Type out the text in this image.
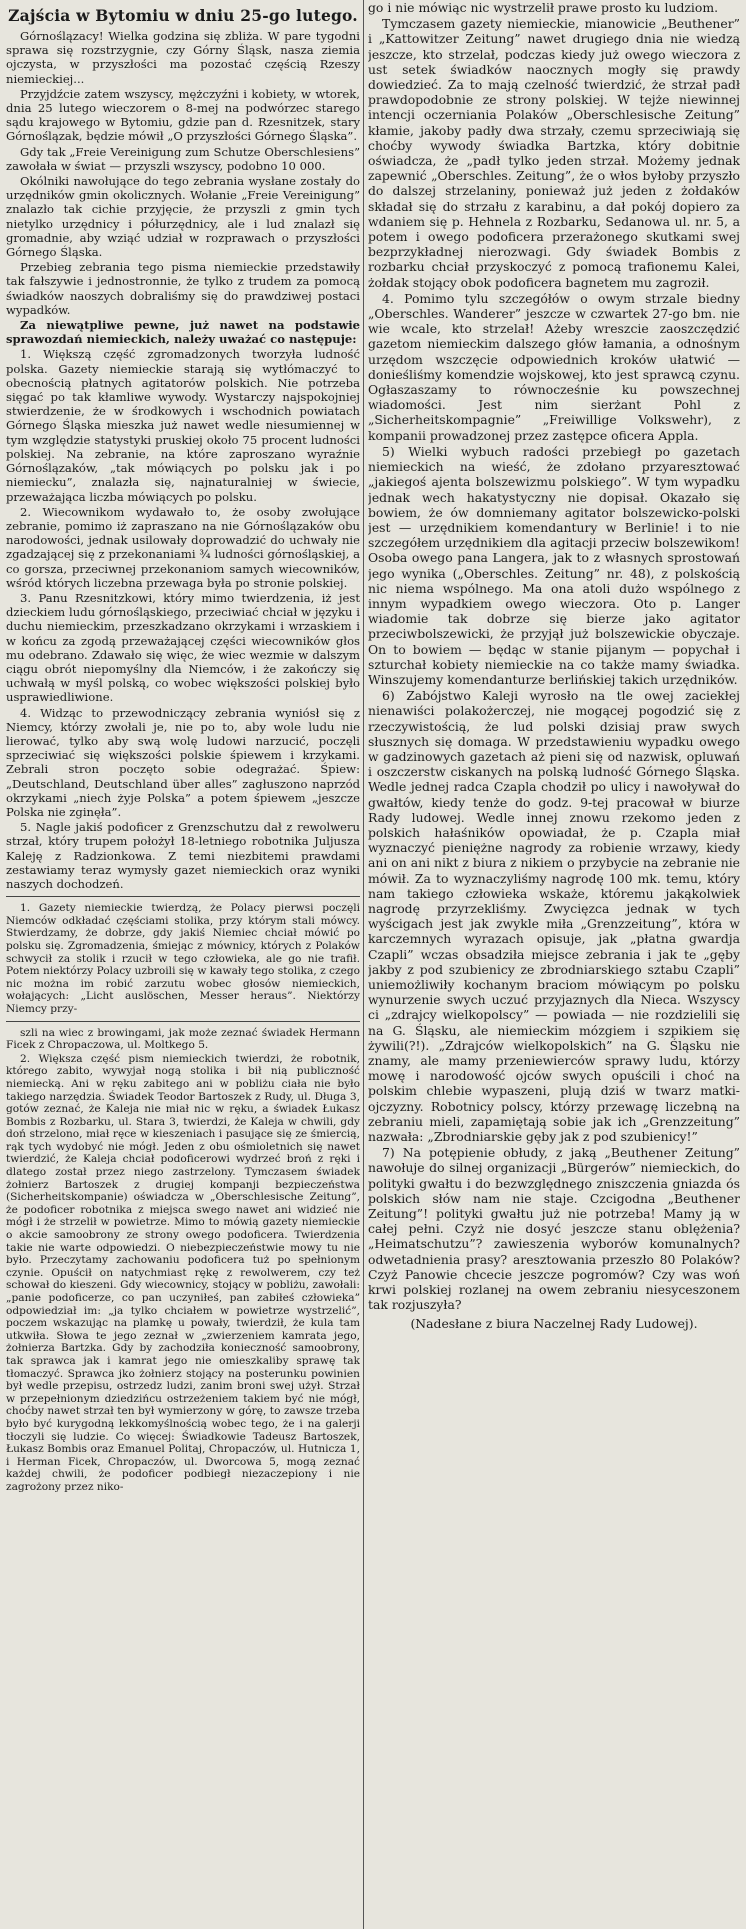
Zajścia w Bytomiu w dniu 25-go lutego.

Górnoślązacy! Wielka godzina się zbliża. W pare tygodni sprawa się rozstrzygnie, czy Górny Śląsk, nasza ziemia ojczysta, w przyszłości ma pozostać częścią Rzeszy niemieckiej...

Przyjdźcie zatem wszyscy, mężczyźni i kobiety, w wtorek, dnia 25 lutego wieczorem o 8-mej na podwórzec starego sądu krajowego w Bytomiu, gdzie pan d. Rzesnitzek, stary Górnoślązak, będzie mówił „O przyszłości Górnego Śląska”.

Gdy tak „Freie Vereinigung zum Schutze Oberschlesiens” zawołała w świat — przyszli wszyscy, podobno 10 000.

Okólniki nawołujące do tego zebrania wysłane zostały do urzędników gmin okolicznych. Wołanie „Freie Vereinigung” znalazło tak cichie przyjęcie, że przyszli z gmin tych nietylko urzędnicy i półurzędnicy, ale i lud znalazł się gromadnie, aby wziąć udział w rozprawach o przyszłości Górnego Śląska.

Przebieg zebrania tego pisma niemieckie przedstawiły tak fałszywie i jednostronnie, że tylko z trudem za pomocą świadków naoszych dobraliśmy się do prawdziwej postaci wypadków.

Za niewątpliwe pewne, już nawet na podstawie sprawozdań niemieckich, należy uważać co następuje:

1. Większą część zgromadzonych tworzyła ludność polska. Gazety niemieckie starają się wytłómaczyć to obecnością płatnych agitatorów polskich. Nie potrzeba sięgać po tak kłamliwe wywody. Wystarczy najspokojniej stwierdzenie, że w środkowych i wschodnich powiatach Górnego Śląska mieszka już nawet wedle niesumiennej w tym względzie statystyki pruskiej około 75 procent ludności polskiej. Na zebranie, na które zaproszano wyraźnie Górnoślązaków, „tak mówiących po polsku jak i po niemiecku”, znalazła się, najnaturalniej w świecie, przeważająca liczba mówiących po polsku.

2. Wiecownikom wydawało to, że osoby zwołujące zebranie, pomimo iż zapraszano na nie Górnoślązaków obu narodowości, jednak usilowały doprowadzić do uchwały nie zgadzającej się z przekonaniami ¾ ludności górnośląskiej, a co gorsza, przeciwnej przekonaniom samych wiecowników, wśród których liczebna przewaga była po stronie polskiej.

3. Panu Rzesnitzkowi, który mimo twierdzenia, iż jest dzieckiem ludu górnośląskiego, przeciwiać chciał w języku i duchu niemieckim, przeszkadzano okrzykami i wrzaskiem i w końcu za zgodą przeważającej części wiecowników głos mu odebrano. Zdawało się więc, że wiec wezmie w dalszym ciągu obrót niepomyślny dla Niemców, i że zakończy się uchwałą w myśl polską, co wobec większości polskiej było usprawiedliwione.

4. Widząc to przewodniczący zebrania wyniósł się z Niemcy, którzy zwołali je, nie po to, aby wole ludu nie lierować, tylko aby swą wolę ludowi narzucić, poczęli sprzeciwiać się większości polskie śpiewem i krzykami. Zebrali stron poczęto sobie odegrażać. Śpiew: „Deutschland, Deutschland über alles” zagłuszono naprzód okrzykami „niech żyje Polska” a potem śpiewem „jeszcze Polska nie zginęła”.

5. Nagle jakiś podoficer z Grenzschutzu dał z rewolweru strzał, który trupem położył 18-letniego robotnika Juljusza Kaleję z Radzionkowa. Z temi niezbitemi prawdami zestawiamy teraz wymysły gazet niemieckich oraz wyniki naszych dochodzeń.

1. Gazety niemieckie twierdzą, że Polacy pierwsi poczęli Niemców odkładać częściami stolika, przy którym stali mówcy. Stwierdzamy, że dobrze, gdy jakiś Niemiec chciał mówić po polsku się. Zgromadzenia, śmiejąc z mównicy, których z Polaków schwycił za stolik i rzucił w tego człowieka, ale go nie trafił. Potem niektórzy Polacy uzbroili się w kawały tego stolika, z czego nic można im robić zarzutu wobec głosów niemieckich, wołających: „Licht auslöschen, Messer heraus”. Niektórzy Niemcy przy-

szli na wiec z browingami, jak może zeznać świadek Hermann Ficek z Chropaczowa, ul. Moltkego 5.

2. Większa część pism niemieckich twierdzi, że robotnik, którego zabito, wywyjał nogą stolika i bił nią publiczność niemiecką. Ani w ręku zabitego ani w pobliżu ciała nie było takiego narzędzia. Świadek Teodor Bartoszek z Rudy, ul. Długa 3, gotów zeznać, że Kaleja nie miał nic w ręku, a świadek Łukasz Bombis z Rozbarku, ul. Stara 3, twierdzi, że Kaleja w chwili, gdy doń strzelono, miał ręce w kieszeniach i pasujące się ze śmiercią, rąk tych wydobyć nie mógł. Jeden z obu ośmioletnich się nawet twierdzić, że Kaleja chciał podoficerowi wydrzeć broń z ręki i dlatego został przez niego zastrzelony. Tymczasem świadek żołnierz Bartoszek z drugiej kompanji bezpieczeństwa (Sicherheitskompanie) oświadcza w „Oberschlesische Zeitung”, że podoficer robotnika z miejsca swego nawet ani widzieć nie mógł i że strzelił w powietrze. Mimo to mówią gazety niemieckie o akcie samoobrony ze strony owego podoficera. Twierdzenia takie nie warte odpowiedzi. O niebezpieczeństwie mowy tu nie było. Przeczytamy zachowaniu podoficera tuż po spełnionym czynie. Opuścił on natychmiast rękę z rewolwerem, czy też schował do kieszeni. Gdy wiecownicy, stojący w pobliżu, zawołali: „panie podoficerze, co pan uczyniłeś, pan zabiłeś człowieka” odpowiedział im: „ja tylko chciałem w powietrze wystrzelić”, poczem wskazując na plamkę u powały, twierdził, że kula tam utkwiła. Słowa te jego zeznał w „zwierzeniem kamrata jego, żołnierza Bartzka. Gdy by zachodziła konieczność samoobrony, tak sprawca jak i kamrat jego nie omieszkaliby sprawę tak tłomaczyć. Sprawca jko żołnierz stojący na posterunku powinien był wedle przepisu, ostrzedz ludzi, zanim broni swej użył. Strzał w przepełnionym dziedzińcu ostrzeżeniem takiem być nie mógł, choćby nawet strzał ten był wymierzony w górę, to zawsze trzeba było być kurygodną lekkomyślnością wobec tego, że i na galerji tłoczyli się ludzie. Co więcej: Świadkowie Tadeusz Bartoszek, Łukasz Bombis oraz Emanuel Politaj, Chropaczów, ul. Hutnicza 1, i Herman Ficek, Chropaczów, ul. Dworcowa 5, mogą zeznać każdej chwili, że podoficer podbiegł niezaczepiony i nie zagrożony przez niko-

go i nie mówiąc nic wystrzelił prawe prosto ku ludziom.

Tymczasem gazety niemieckie, mianowicie „Beuthener” i „Kattowitzer Zeitung” nawet drugiego dnia nie wiedzą jeszcze, kto strzelał, podczas kiedy już owego wieczora z ust setek świadków naocznych mogły się prawdy dowiedzieć. Za to mają czelność twierdzić, że strzał padł prawdopodobnie ze strony polskiej. W tejże niewinnej intencji oczerniania Polaków „Oberschlesische Zeitung” kłamie, jakoby padły dwa strzały, czemu sprzeciwiają się choćby wywody świadka Bartzka, który dobitnie oświadcza, że „padł tylko jeden strzał. Możemy jednak zapewnić „Oberschles. Zeitung”, że o włos byłoby przyszło do dalszej strzelaniny, ponieważ już jeden z żołdaków składał się do strzału z karabinu, a dał pokój dopiero za wdaniem się p. Hehnela z Rozbarku, Sedanowa ul. nr. 5, a potem i owego podoficera przerażonego skutkami swej bezprzykładnej nierozwagi. Gdy świadek Bombis z rozbarku chciał przyskoczyć z pomocą trafionemu Kalei, żołdak stojący obok podoficera bagnetem mu zagroził.

4. Pomimo tylu szczegółów o owym strzale biedny „Oberschles. Wanderer” jeszcze w czwartek 27-go bm. nie wie wcale, kto strzelał! Ażeby wreszcie zaoszczędzić gazetom niemieckim dalszego głów łamania, a odnośnym urzędom wszczęcie odpowiednich kroków ułatwić — donieśliśmy komendzie wojskowej, kto jest sprawcą czynu. Ogłaszaszamy to równocześnie ku powszechnej wiadomości. Jest nim sierżant Pohl z „Sicherheitskompagnie” „Freiwillige Volkswehr), z kompanii prowadzonej przez zastępce oficera Appla.

5) Wielki wybuch radości przebiegł po gazetach niemieckich na wieść, że zdołano przyaresztować „jakiegoś ajenta bolszewizmu polskiego”. W tym wypadku jednak wech hakatystyczny nie dopisał. Okazało się bowiem, że ów domniemany agitator bolszewicko-polski jest — urzędnikiem komendantury w Berlinie! i to nie szczegółem urzędnikiem dla agitacji przeciw bolszewikom! Osoba owego pana Langera, jak to z własnych sprostowań jego wynika („Oberschles. Zeitung” nr. 48), z polskością nic niema wspólnego. Ma ona atoli dużo wspólnego z innym wypadkiem owego wieczora. Oto p. Langer wiadomie tak dobrze się bierze jako agitator przeciwbolszewicki, że przyjął już bolszewickie obyczaje. On to bowiem — będąc w stanie pijanym — popychał i szturchał kobiety niemieckie na co także mamy świadka. Winszujemy komendanturze berlińskiej takich urzędników.

6) Zabójstwo Kaleji wyrosło na tle owej zaciekłej nienawiści polakożerczej, nie mogącej pogodzić się z rzeczywistością, że lud polski dzisiaj praw swych słusznych się domaga. W przedstawieniu wypadku owego w gadzinowych gazetach aż pieni się od nazwisk, opluwań i oszczerstw ciskanych na polską ludność Górnego Śląska. Wedle jednej radca Czapla chodził po ulicy i nawoływał do gwałtów, kiedy tenże do godz. 9-tej pracował w biurze Rady ludowej. Wedle innej znowu rzekomo jeden z polskich hałaśników opowiadał, że p. Czapla miał wyznaczyć pieniężne nagrody za robienie wrzawy, kiedy ani on ani nikt z biura z nikiem o przybycie na zebranie nie mówił. Za to wyznaczyliśmy nagrodę 100 mk. temu, który nam takiego człowieka wskaże, któremu jakąkolwiek nagrodę przyrzekliśmy. Zwycięzca jednak w tych wyścigach jest jak zwykle miła „Grenzzeitung”, która w karczemnych wyrazach opisuje, jak „płatna gwardja Czapli” wczas obsadziła miejsce zebrania i jak te „gęby jakby z pod szubienicy ze zbrodniarskiego sztabu Czapli” uniemożliwiły kochanym braciom mówiącym po polsku wynurzenie swych uczuć przyjaznych dla Nieca. Wszyscy ci „zdrajcy wielkopolscy” — powiada — nie rozdzielili się na G. Śląsku, ale niemieckim mózgiem i szpikiem się żywili(?!). „Zdrajców wielkopolskich” na G. Śląsku nie znamy, ale mamy przeniewierców sprawy ludu, którzy mowę i narodowość ojców swych opuścili i choć na polskim chlebie wypaszeni, plują dziś w twarz matki-ojczyzny. Robotnicy polscy, którzy przewagę liczebną na zebraniu mieli, zapamiętają sobie jak ich „Grenzzeitung” nazwała: „Zbrodniarskie gęby jak z pod szubienicy!”

7) Na potępienie obłudy, z jaką „Beuthener Zeitung” nawołuje do silnej organizacji „Bürgerów” niemieckich, do polityki gwałtu i do bezwzględnego zniszczenia gniazda ós polskich słów nam nie staje. Czcigodna „Beuthener Zeitung”! polityki gwałtu już nie potrzeba! Mamy ją w całej pełni. Czyż nie dosyć jeszcze stanu oblężenia? „Heimatschutzu”? zawieszenia wyborów komunalnych? odwetadnienia prasy? aresztowania przeszło 80 Polaków? Czyż Panowie chcecie jeszcze pogromów? Czy was woń krwi polskiej rozlanej na owem zebraniu niesyceszonem tak rozjuszyła?

(Nadesłane z biura Naczelnej Rady Ludowej).
